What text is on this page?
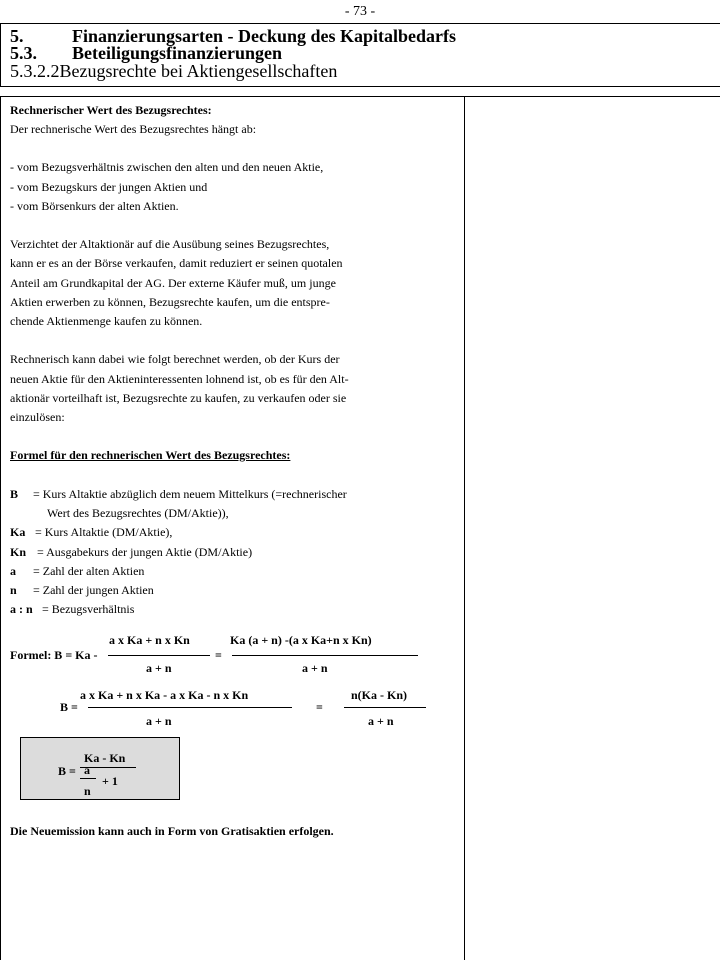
- 73 -
5.	Finanzierungsarten - Deckung des Kapitalbedarfs
5.3. Beteiligungsfinanzierungen
5.3.2.2Bezugsrechte bei Aktiengesellschaften
Rechnerischer Wert des Bezugsrechtes:
Der rechnerische Wert des Bezugsrechtes hängt ab:
- vom Bezugsverhältnis zwischen den alten und den neuen Aktie,
- vom Bezugskurs der jungen Aktien und
- vom Börsenkurs der alten Aktien.
Verzichtet der Altaktionär auf die Ausübung seines Bezugsrechtes,
kann er es an der Börse verkaufen, damit reduziert er seinen quotalen
Anteil am Grundkapital der AG. Der externe Käufer muß, um junge
Aktien erwerben zu können, Bezugsrechte kaufen, um die entspre-
chende Aktienmenge kaufen zu können.
Rechnerisch kann dabei wie folgt berechnet werden, ob der Kurs der
neuen Aktie für den Aktieninteressenten lohnend ist, ob es für den Alt-
aktionär vorteilhaft ist, Bezugsrechte zu kaufen, zu verkaufen oder sie
einzulösen:
Formel für den rechnerischen Wert des Bezugsrechtes:
B = Kurs Altaktie abzüglich dem neuem Mittelkurs (=rechnerischer
Wert des Bezugsrechtes (DM/Aktie)),
Ka = Kurs Altaktie (DM/Aktie),
Kn = Ausgabekurs der jungen Aktie (DM/Aktie)
a = Zahl der alten Aktien
n = Zahl der jungen Aktien
a : n = Bezugsverhältnis
a x Ka + n x Kn	Ka (a + n) -(a x Ka+n x Kn)
Formel: B = Ka -	=
a + n	a + n
a x Ka + n x Ka - a x Ka - n x Kn	n(Ka - Kn)
B =	=
a + n	a + n
Ka - Kn
B = a
+ 1
n
Die Neuemission kann auch in Form von Gratisaktien erfolgen.
